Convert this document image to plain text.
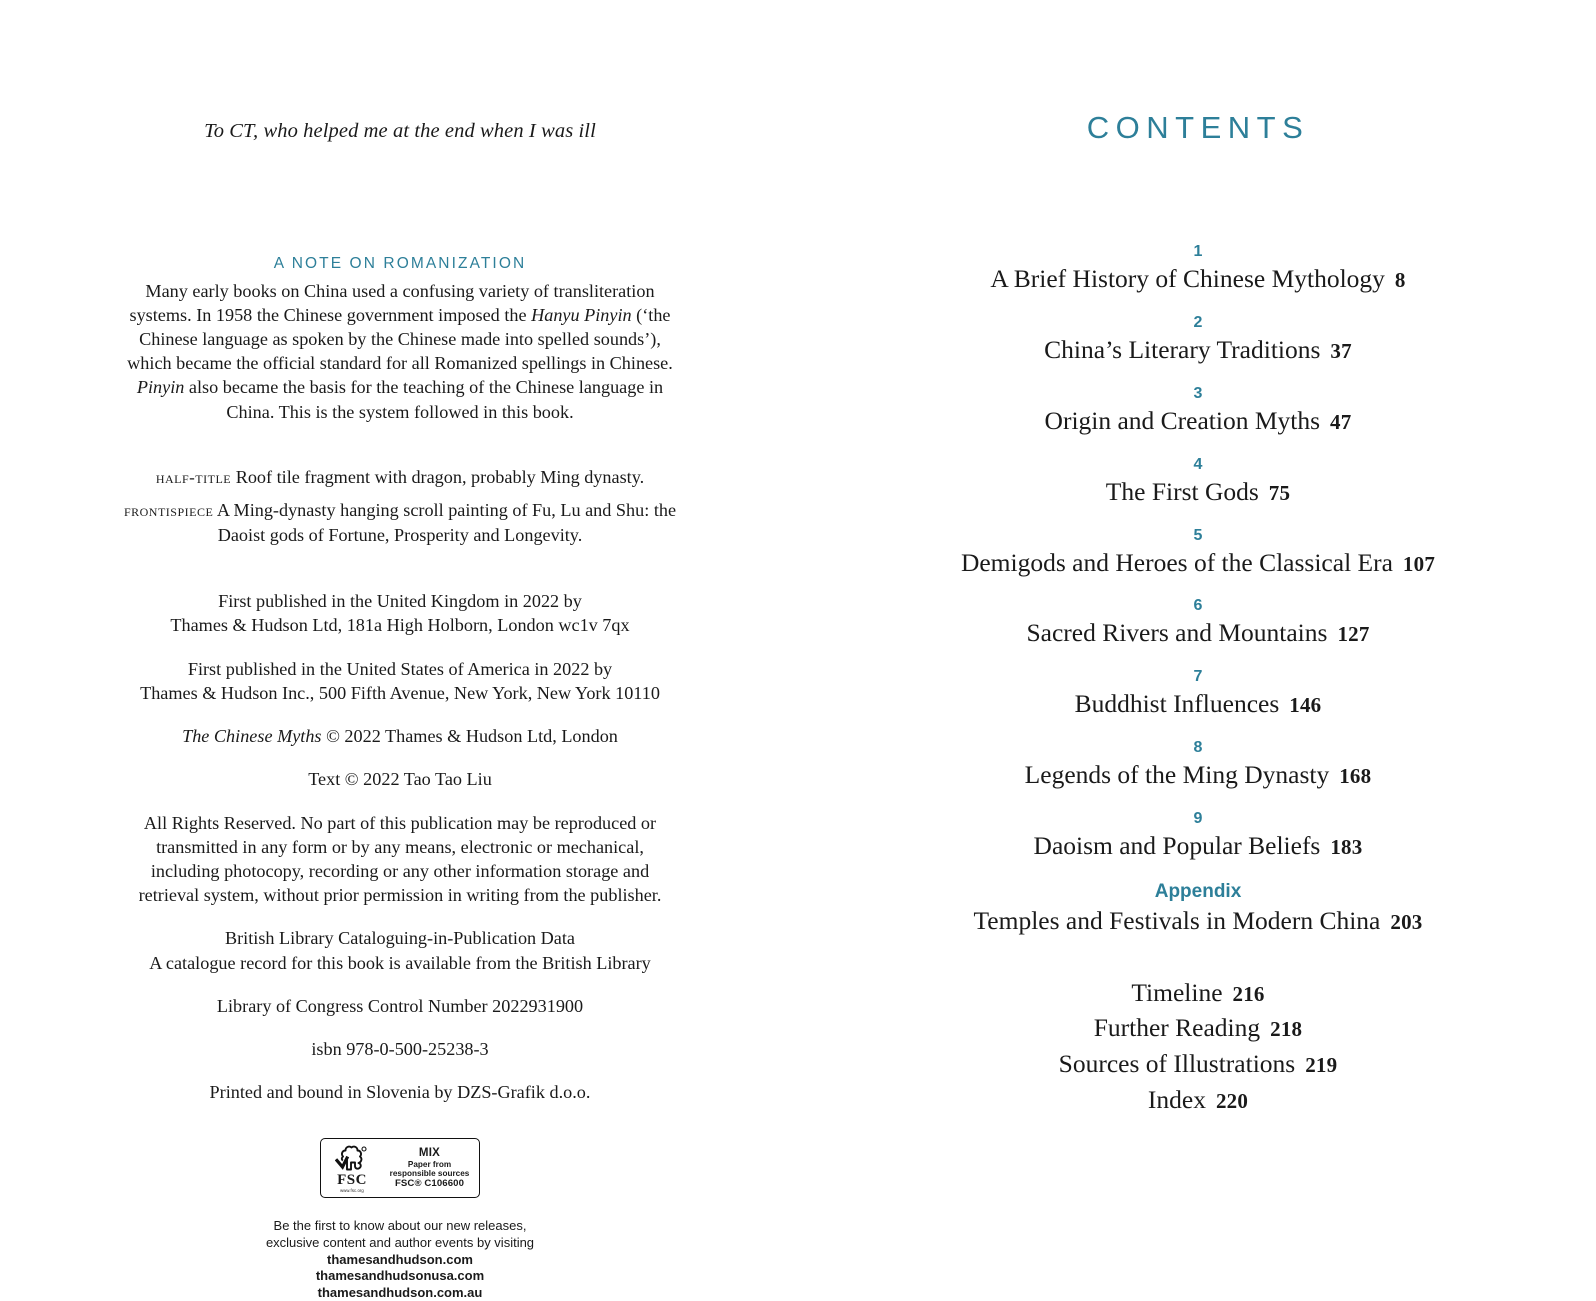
To CT, who helped me at the end when I was ill
A NOTE ON ROMANIZATION
Many early books on China used a confusing variety of transliteration systems. In 1958 the Chinese government imposed the Hanyu Pinyin (‘the Chinese language as spoken by the Chinese made into spelled sounds’), which became the official standard for all Romanized spellings in Chinese. Pinyin also became the basis for the teaching of the Chinese language in China. This is the system followed in this book.
half-title Roof tile fragment with dragon, probably Ming dynasty.
frontispiece A Ming-dynasty hanging scroll painting of Fu, Lu and Shu: the Daoist gods of Fortune, Prosperity and Longevity.

First published in the United Kingdom in 2022 by
Thames & Hudson Ltd, 181a High Holborn, London wc1v 7qx

First published in the United States of America in 2022 by
Thames & Hudson Inc., 500 Fifth Avenue, New York, New York 10110

The Chinese Myths © 2022 Thames & Hudson Ltd, London

Text © 2022 Tao Tao Liu

All Rights Reserved. No part of this publication may be reproduced or transmitted in any form or by any means, electronic or mechanical, including photocopy, recording or any other information storage and retrieval system, without prior permission in writing from the publisher.

British Library Cataloguing-in-Publication Data
A catalogue record for this book is available from the British Library

Library of Congress Control Number 2022931900

isbn 978-0-500-25238-3

Printed and bound in Slovenia by DZS-Grafik d.o.o.

FSC
www.fsc.org
MIX
Paper from
responsible sources
FSC® C106600
Be the first to know about our new releases,
exclusive content and author events by visiting
thamesandhudson.com
thamesandhudsonusa.com
thamesandhudson.com.au
CONTENTS
1
A Brief History of Chinese Mythology 8
2
China’s Literary Traditions 37
3
Origin and Creation Myths 47
4
The First Gods 75
5
Demigods and Heroes of the Classical Era 107
6
Sacred Rivers and Mountains 127
7
Buddhist Influences 146
8
Legends of the Ming Dynasty 168
9
Daoism and Popular Beliefs 183
Appendix
Temples and Festivals in Modern China 203
Timeline 216
Further Reading 218
Sources of Illustrations 219
Index 220
